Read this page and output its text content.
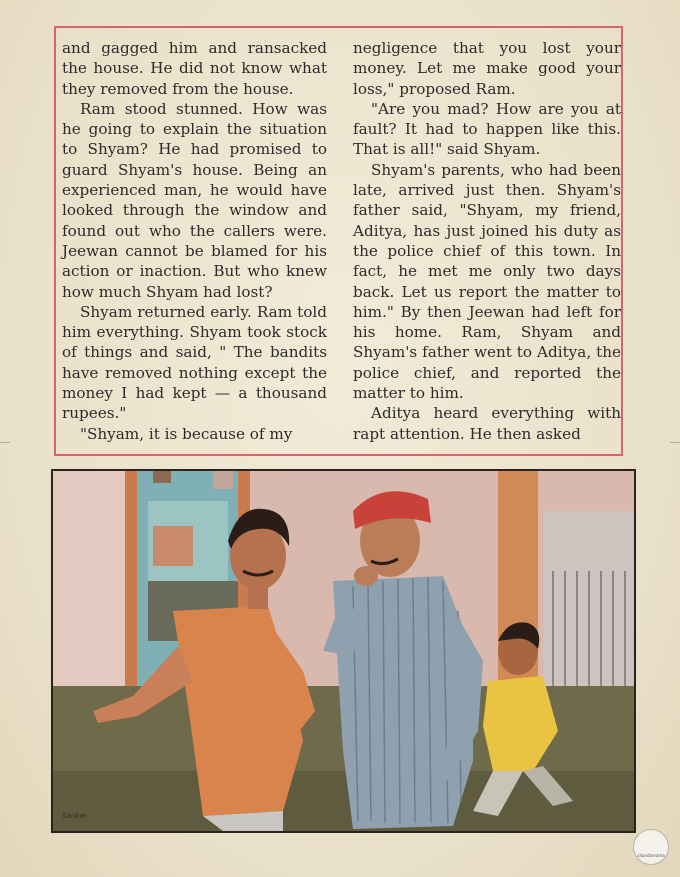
and gagged him and ransacked the house. He did not know what they removed from the house.

Ram stood stunned. How was he going to explain the situation to Shyam? He had promised to guard Shyam's house. Being an experienced man, he would have looked through the window and found out who the callers were. Jeewan cannot be blamed for his action or inaction. But who knew how much Shyam had lost?

Shyam returned early. Ram told him everything. Shyam took stock of things and said, " The bandits have removed nothing except the money I had kept — a thousand rupees."

"Shyam, it is because of my

negligence that you lost your money. Let me make good your loss," proposed Ram.

"Are you mad? How are you at fault? It had to happen like this. That is all!" said Shyam.

Shyam's parents, who had been late, arrived just then. Shyam's father said, "Shyam, my friend, Aditya, has just joined his duty as the police chief of this town. In fact, he met me only two days back. Let us report the matter to him." By then Jeewan had left for his home. Ram, Shyam and Shyam's father went to Aditya, the police chief, and reported the matter to him.

Aditya heard everything with rapt attention. He then asked

Sankar
chandamama
